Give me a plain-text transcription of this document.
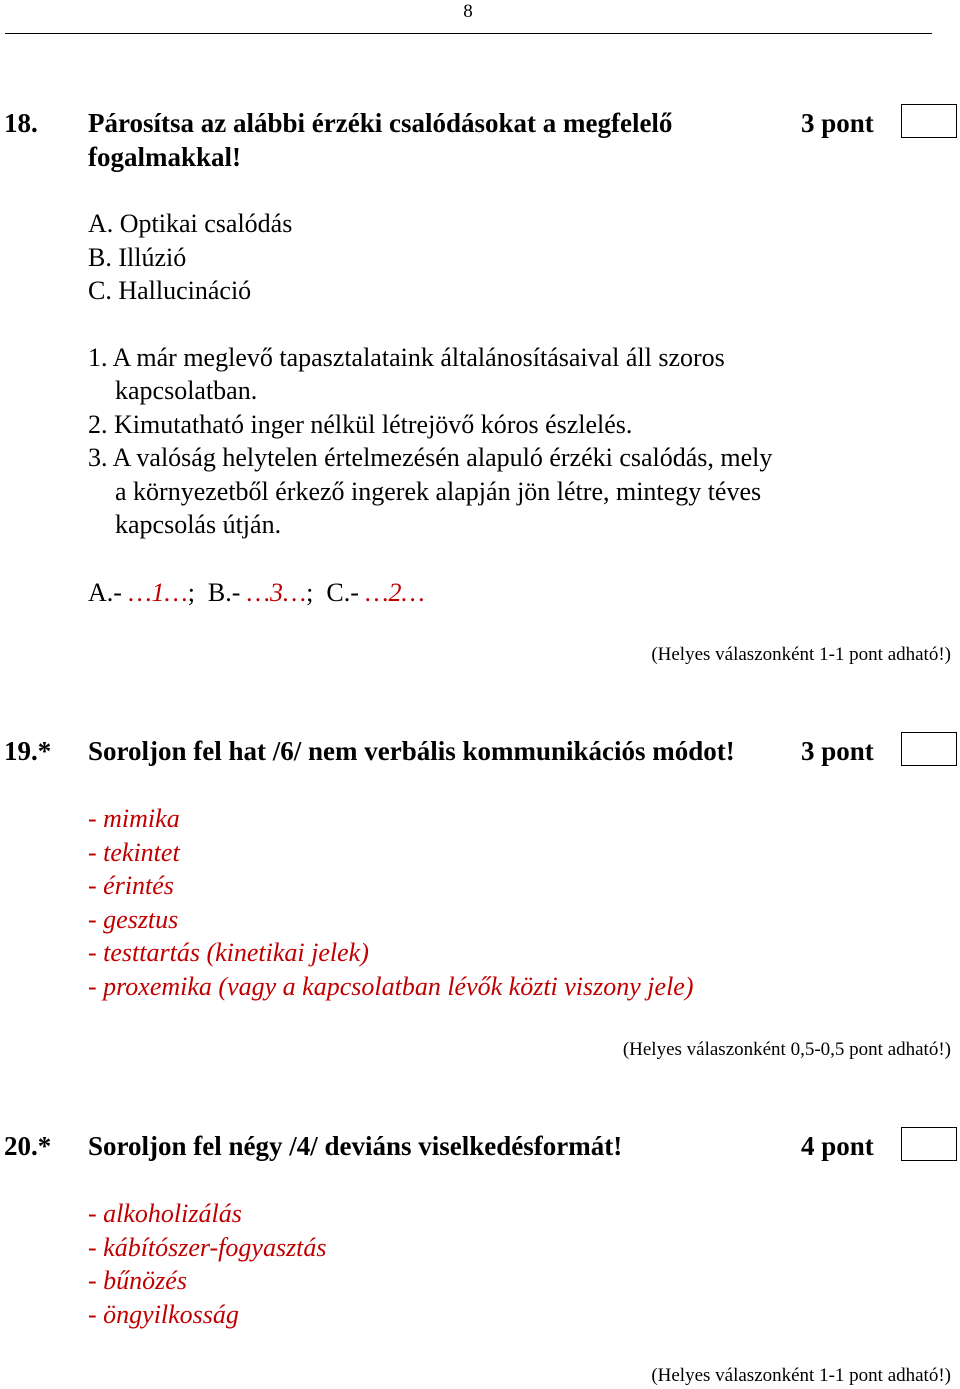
8
18. Párosítsa az alábbi érzéki csalódásokat a megfelelő fogalmakkal!
3 pont
A. Optikai csalódás
B. Illúzió
C. Hallucináció
1. A már meglevő tapasztalataink általánosításaival áll szoros
kapcsolatban.
2. Kimutatható inger nélkül létrejövő kóros észlelés.
3. A valóság helytelen értelmezésén alapuló érzéki csalódás, mely
a környezetből érkező ingerek alapján jön létre, mintegy téves
kapcsolás útján.
A.- …1…; B.- …3…; C.- …2…
(Helyes válaszonként 1-1 pont adható!)
19.* Soroljon fel hat /6/ nem verbális kommunikációs módot!	3 pont
- mimika
- tekintet
- érintés
- gesztus
- testtartás (kinetikai jelek)
- proxemika (vagy a kapcsolatban lévők közti viszony jele)
(Helyes válaszonként 0,5-0,5 pont adható!)
20.* Soroljon fel négy /4/ deviáns viselkedésformát!	4 pont
- alkoholizálás
- kábítószer-fogyasztás
- bűnözés
- öngyilkosság
(Helyes válaszonként 1-1 pont adható!)
